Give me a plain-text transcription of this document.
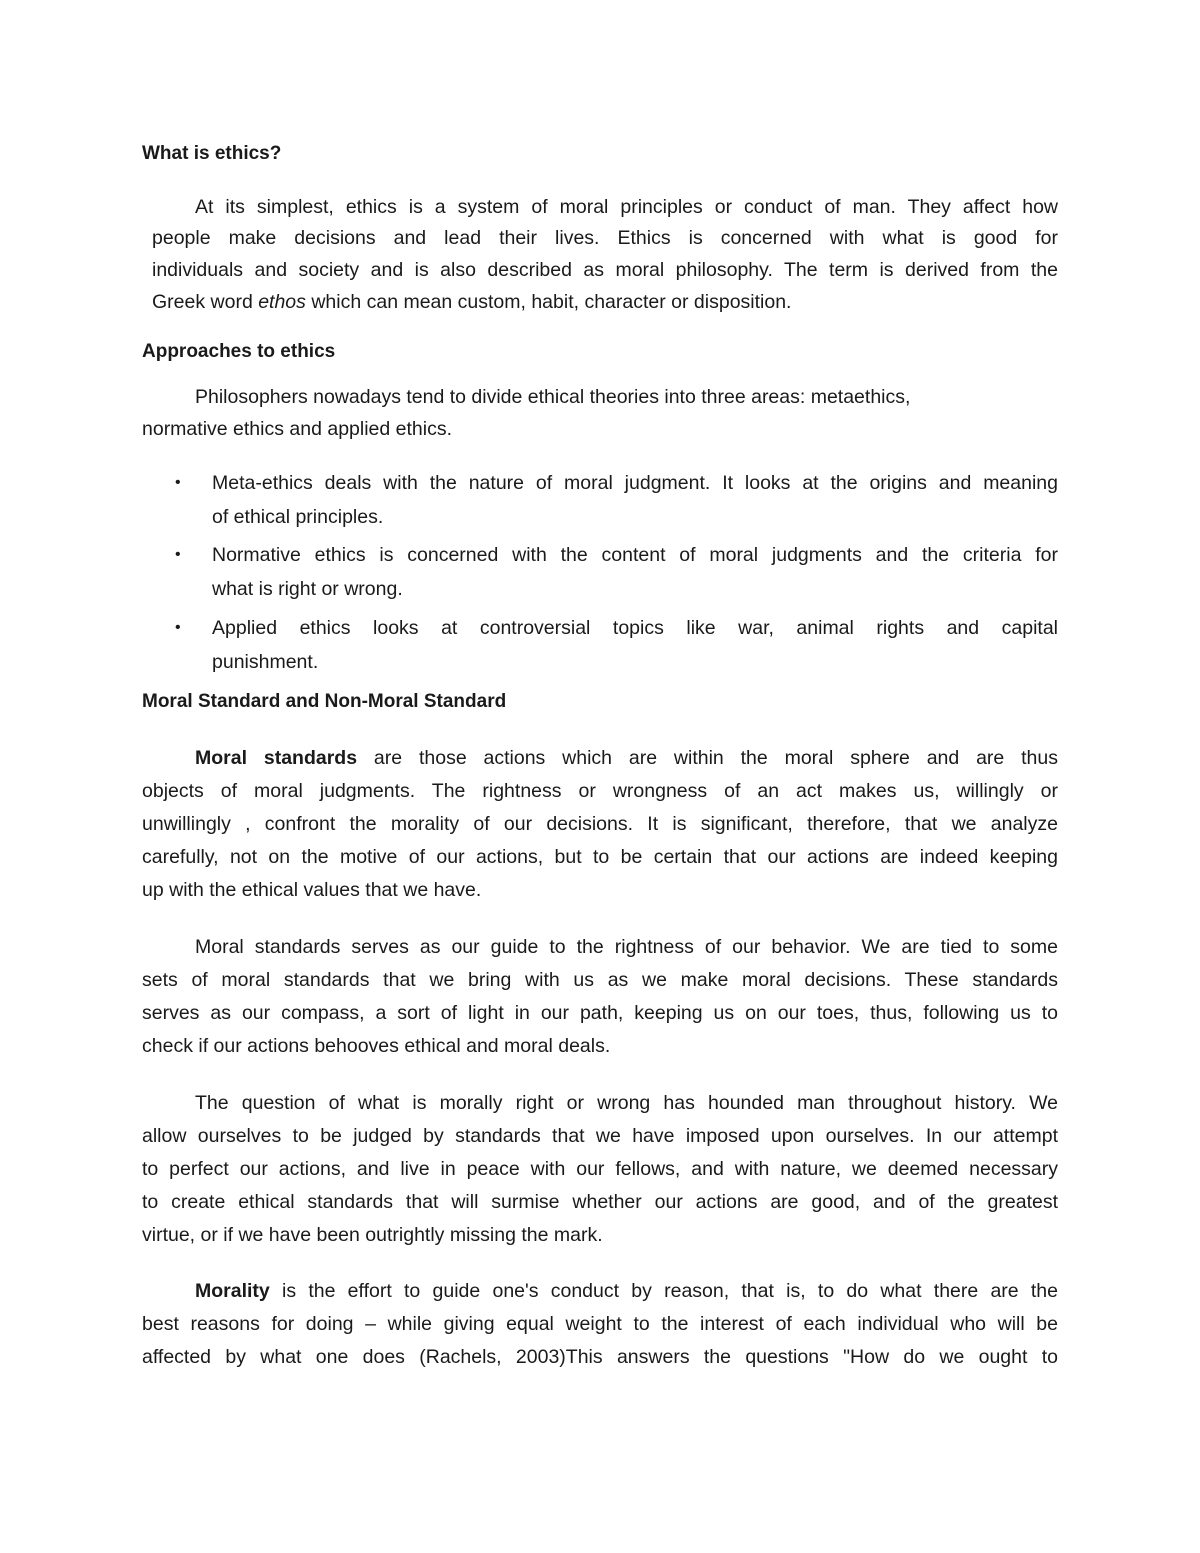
What is ethics?
At its simplest, ethics is a system of moral principles or conduct of man. They affect how
people make decisions and lead their lives. Ethics is concerned with what is good for
individuals and society and is also described as moral philosophy. The term is derived from the
Greek word ethos which can mean custom, habit, character or disposition.
Approaches to ethics
Philosophers nowadays tend to divide ethical theories into three areas: metaethics,
normative ethics and applied ethics.
• Meta-ethics deals with the nature of moral judgment. It looks at the origins and meaning
of ethical principles.
• Normative ethics is concerned with the content of moral judgments and the criteria for
what is right or wrong.
• Applied ethics looks at controversial topics like war, animal rights and capital
punishment.
Moral Standard and Non-Moral Standard
Moral standards are those actions which are within the moral sphere and are thus
objects of moral judgments. The rightness or wrongness of an act makes us, willingly or
unwillingly , confront the morality of our decisions. It is significant, therefore, that we analyze
carefully, not on the motive of our actions, but to be certain that our actions are indeed keeping
up with the ethical values that we have.
Moral standards serves as our guide to the rightness of our behavior. We are tied to some
sets of moral standards that we bring with us as we make moral decisions. These standards
serves as our compass, a sort of light in our path, keeping us on our toes, thus, following us to
check if our actions behooves ethical and moral deals.
The question of what is morally right or wrong has hounded man throughout history. We
allow ourselves to be judged by standards that we have imposed upon ourselves. In our attempt
to perfect our actions, and live in peace with our fellows, and with nature, we deemed necessary
to create ethical standards that will surmise whether our actions are good, and of the greatest
virtue, or if we have been outrightly missing the mark.
Morality is the effort to guide one's conduct by reason, that is, to do what there are the
best reasons for doing – while giving equal weight to the interest of each individual who will be
affected by what one does (Rachels, 2003)This answers the questions "How do we ought to
